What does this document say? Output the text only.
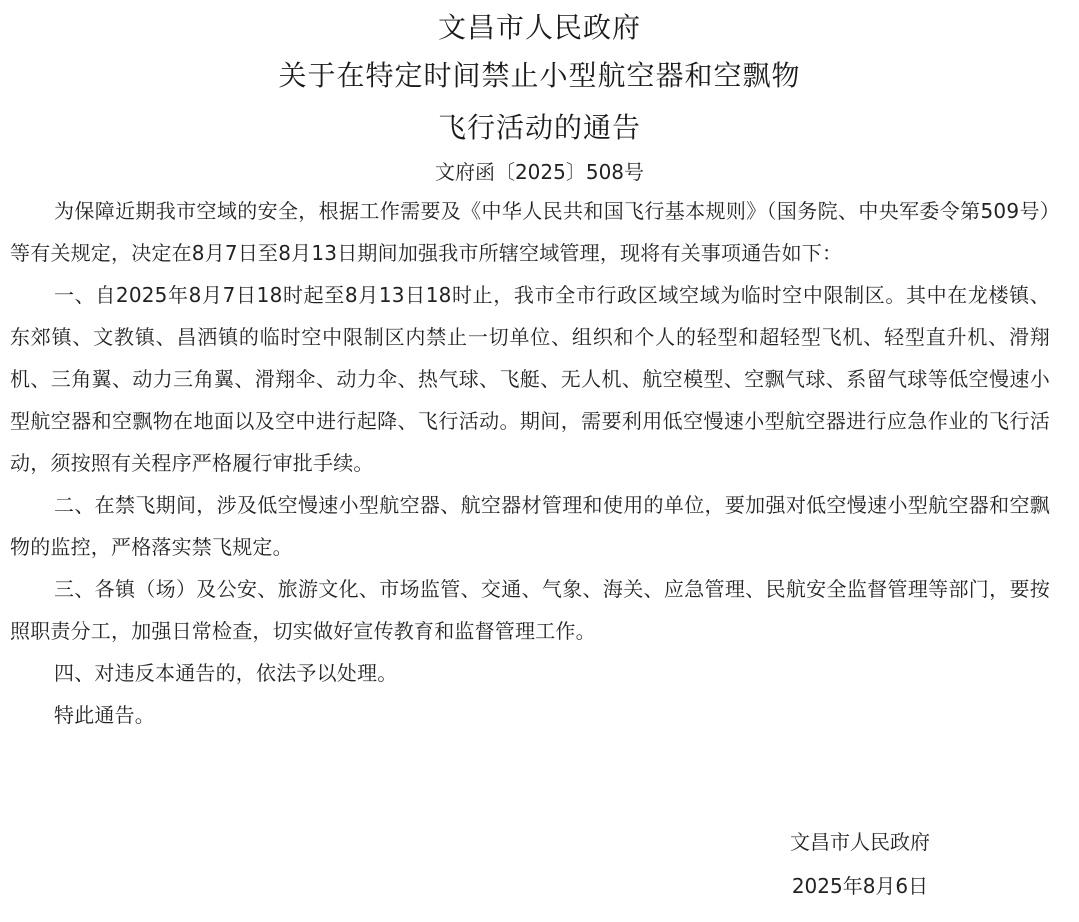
文昌市人民政府
关于在特定时间禁止小型航空器和空飘物
飞行活动的通告
文府函〔2025〕508号

为保障近期我市空域的安全，根据工作需要及《中华人民共和国飞行基本规则》（国务院、中央军委令第509号）等有关规定，决定在8月7日至8月13日期间加强我市所辖空域管理，现将有关事项通告如下：

一、自2025年8月7日18时起至8月13日18时止，我市全市行政区域空域为临时空中限制区。其中在龙楼镇、东郊镇、文教镇、昌洒镇的临时空中限制区内禁止一切单位、组织和个人的轻型和超轻型飞机、轻型直升机、滑翔机、三角翼、动力三角翼、滑翔伞、动力伞、热气球、飞艇、无人机、航空模型、空飘气球、系留气球等低空慢速小型航空器和空飘物在地面以及空中进行起降、飞行活动。期间，需要利用低空慢速小型航空器进行应急作业的飞行活动，须按照有关程序严格履行审批手续。

二、在禁飞期间，涉及低空慢速小型航空器、航空器材管理和使用的单位，要加强对低空慢速小型航空器和空飘物的监控，严格落实禁飞规定。

三、各镇（场）及公安、旅游文化、市场监管、交通、气象、海关、应急管理、民航安全监督管理等部门，要按照职责分工，加强日常检查，切实做好宣传教育和监督管理工作。

四、对违反本通告的，依法予以处理。

特此通告。

文昌市人民政府
2025年8月6日
